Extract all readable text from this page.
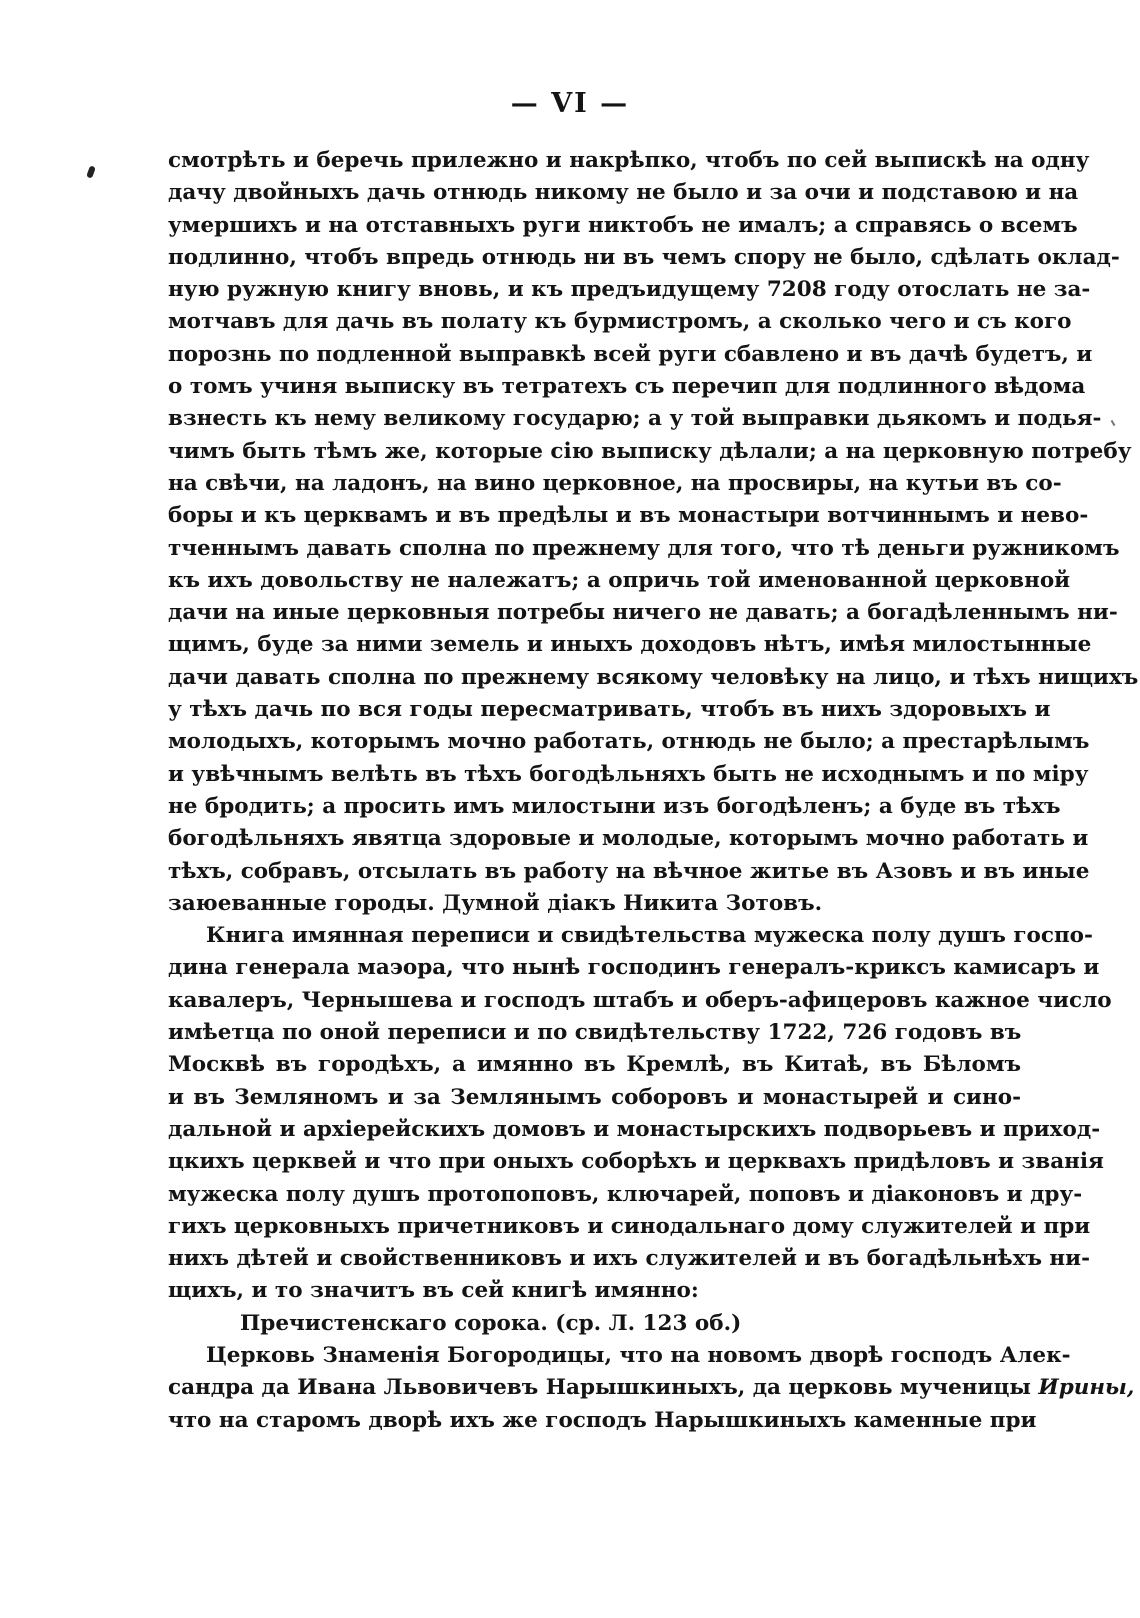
— VI —
смотрѣть и беречь прилежно и накрѣпко, чтобъ по сей выпискѣ на одну
дачу двойныхъ дачь отнюдь никому не было и за очи и подставою и на
умершихъ и на отставныхъ руги никтобъ не ималъ; а справясь о всемъ
подлинно, чтобъ впредь отнюдь ни въ чемъ спору не было, сдѣлать оклад-
ную ружную книгу вновь, и къ предъидущему 7208 году отослать не за-
мотчавъ для дачь въ полату къ бурмистромъ, а сколько чего и съ кого
порознь по подленной выправкѣ всей руги сбавлено и въ дачѣ будетъ, и
о томъ учиня выписку въ тетратехъ съ перечип для подлинного вѣдома
взнесть къ нему великому государю; а у той выправки дьякомъ и подья-
чимъ быть тѣмъ же, которые сію выписку дѣлали; а на церковную потребу
на свѣчи, на ладонъ, на вино церковное, на просвиры, на кутьи въ со-
боры и къ церквамъ и въ предѣлы и въ монастыри вотчиннымъ и нево-
тченнымъ давать сполна по прежнему для того, что тѣ деньги ружникомъ
къ ихъ довольству не належатъ; а опричь той именованной церковной
дачи на иные церковныя потребы ничего не давать; а богадѣленнымъ ни-
щимъ, буде за ними земель и иныхъ доходовъ нѣтъ, имѣя милостынные
дачи давать сполна по прежнему всякому человѣку на лицо, и тѣхъ нищихъ
у тѣхъ дачь по вся годы пересматривать, чтобъ въ нихъ здоровыхъ и
молодыхъ, которымъ мочно работать, отнюдь не было; а престарѣлымъ
и увѣчнымъ велѣть въ тѣхъ богодѣльняхъ быть не исходнымъ и по міру
не бродить; а просить имъ милостыни изъ богодѣленъ; а буде въ тѣхъ
богодѣльняхъ явятца здоровые и молодые, которымъ мочно работать и
тѣхъ, собравъ, отсылать въ работу на вѣчное житье въ Азовъ и въ иные
заюеванные городы. Думной діакъ Никита Зотовъ.
Книга имянная переписи и свидѣтельства мужеска полу душъ госпо-
дина генерала маэора, что нынѣ господинъ генералъ-криксъ камисаръ и
кавалеръ, Чернышева и господъ штабъ и оберъ-афицеровъ кажное число
имѣетца по оной переписи и по свидѣтельству 1722, 726 годовъ въ
Москвѣ въ городѣхъ, а имянно въ Кремлѣ, въ Китаѣ, въ Бѣломъ
и въ Земляномъ и за Землянымъ соборовъ и монастырей и сино-
дальной и архіерейскихъ домовъ и монастырскихъ подворьевъ и приход-
цкихъ церквей и что при оныхъ соборѣхъ и церквахъ придѣловъ и званія
мужеска полу душъ протопоповъ, ключарей, поповъ и діаконовъ и дру-
гихъ церковныхъ причетниковъ и синодальнаго дому служителей и при
нихъ дѣтей и свойственниковъ и ихъ служителей и въ богадѣльнѣхъ ни-
щихъ, и то значитъ въ сей книгѣ имянно:
Пречистенскаго сорока. (ср. Л. 123 об.)
Церковь Знаменія Богородицы, что на новомъ дворѣ господъ Алек-
сандра да Ивана Львовичевъ Нарышкиныхъ, да церковь мученицы Ирины,
что на старомъ дворѣ ихъ же господъ Нарышкиныхъ каменные при
